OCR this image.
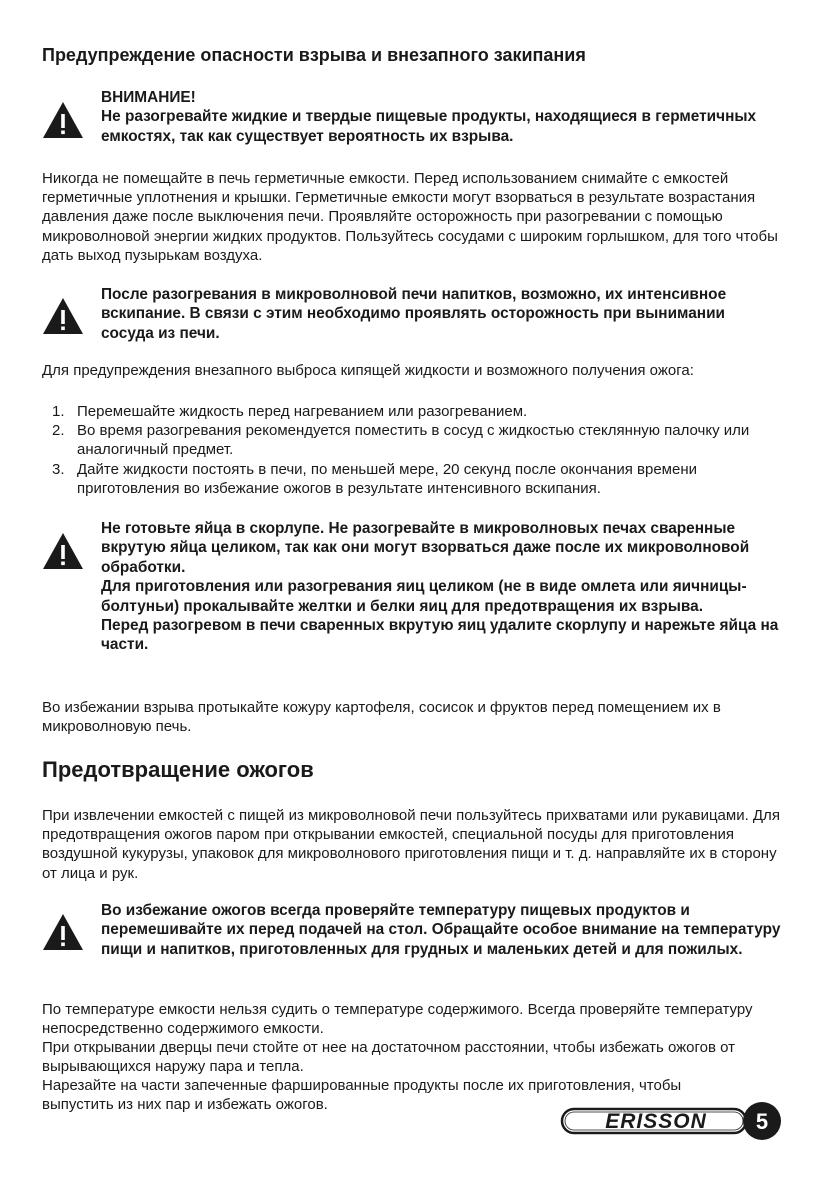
Предупреждение опасности взрыва и внезапного закипания
ВНИМАНИЕ!
Не разогревайте жидкие и твердые пищевые продукты, находящиеся в герметичных емкостях, так как существует вероятность их взрыва.
Никогда не помещайте в печь герметичные емкости. Перед использованием снимайте с емкостей герметичные уплотнения и крышки. Герметичные емкости могут взорваться в результате возрастания давления даже после выключения печи. Проявляйте осторожность при разогревании с помощью микроволновой энергии жидких продуктов. Пользуйтесь сосудами с широким горлышком, для того чтобы дать выход пузырькам воздуха.
После разогревания в микроволновой печи напитков, возможно, их интенсивное вскипание. В связи с этим необходимо проявлять осторожность при вынимании сосуда из печи.
Для предупреждения внезапного выброса кипящей жидкости и возможного получения ожога:
1. Перемешайте жидкость перед нагреванием или разогреванием.
2. Во время разогревания рекомендуется поместить в сосуд с жидкостью стеклянную палочку или аналогичный предмет.
3. Дайте жидкости постоять в печи, по меньшей мере, 20 секунд после окончания времени приготовления во избежание ожогов в результате интенсивного вскипания.
Не готовьте яйца в скорлупе. Не разогревайте в микроволновых печах сваренные вкрутую яйца целиком, так как они могут взорваться даже после их микроволновой обработки.
Для приготовления или разогревания яиц целиком (не в виде омлета или яичницы-болтуньи) прокалывайте желтки и белки яиц для предотвращения их взрыва.
Перед разогревом в печи сваренных вкрутую яиц удалите скорлупу и нарежьте яйца на части.
Во избежании взрыва протыкайте кожуру картофеля, сосисок и фруктов перед помещением их в микроволновую печь.
Предотвращение ожогов
При извлечении емкостей с пищей из микроволновой печи пользуйтесь прихватами или рукавицами. Для предотвращения ожогов паром при открывании емкостей, специальной посуды для приготовления воздушной кукурузы, упаковок для микроволнового приготовления пищи и т. д. направляйте их в сторону от лица и рук.
Во избежание ожогов всегда проверяйте температуру пищевых продуктов и перемешивайте их перед подачей на стол. Обращайте особое внимание на температуру пищи и напитков, приготовленных для грудных и маленьких детей и для пожилых.
По температуре емкости нельзя судить о температуре содержимого. Всегда проверяйте температуру непосредственно содержимого емкости.
При открывании дверцы печи стойте от нее на достаточном расстоянии, чтобы избежать ожогов от вырывающихся наружу пара и тепла.
Нарезайте на части запеченные фаршированные продукты после их приготовления, чтобы выпустить из них пар и избежать ожогов.
ERISSON 5
